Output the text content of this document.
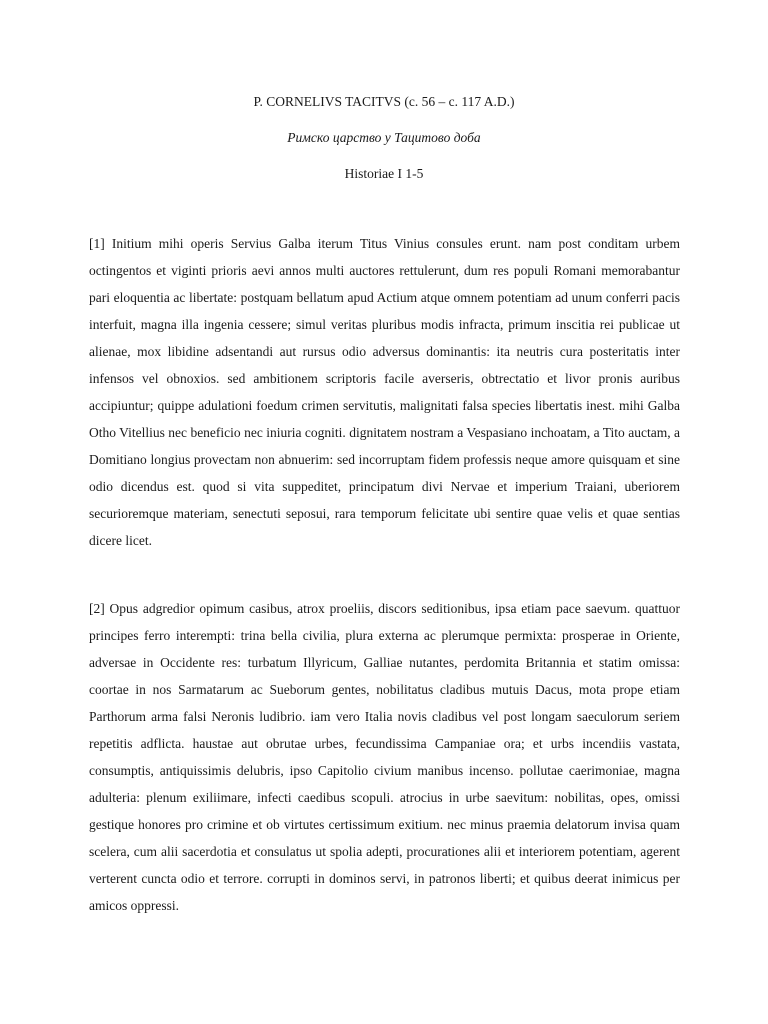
P. CORNELIVS TACITVS (c. 56 – c. 117 A.D.)

Римско царство у Тацитово доба

Historiae I 1-5

[1] Initium mihi operis Servius Galba iterum Titus Vinius consules erunt. nam post conditam urbem octingentos et viginti prioris aevi annos multi auctores rettulerunt, dum res populi Romani memorabantur pari eloquentia ac libertate: postquam bellatum apud Actium atque omnem potentiam ad unum conferri pacis interfuit, magna illa ingenia cessere; simul veritas pluribus modis infracta, primum inscitia rei publicae ut alienae, mox libidine adsentandi aut rursus odio adversus dominantis: ita neutris cura posteritatis inter infensos vel obnoxios. sed ambitionem scriptoris facile averseris, obtrectatio et livor pronis auribus accipiuntur; quippe adulationi foedum crimen servitutis, malignitati falsa species libertatis inest. mihi Galba Otho Vitellius nec beneficio nec iniuria cogniti. dignitatem nostram a Vespasiano inchoatam, a Tito auctam, a Domitiano longius provectam non abnuerim: sed incorruptam fidem professis neque amore quisquam et sine odio dicendus est. quod si vita suppeditet, principatum divi Nervae et imperium Traiani, uberiorem securioremque materiam, senectuti seposui, rara temporum felicitate ubi sentire quae velis et quae sentias dicere licet.

[2] Opus adgredior opimum casibus, atrox proeliis, discors seditionibus, ipsa etiam pace saevum. quattuor principes ferro interempti: trina bella civilia, plura externa ac plerumque permixta: prosperae in Oriente, adversae in Occidente res: turbatum Illyricum, Galliae nutantes, perdomita Britannia et statim omissa: coortae in nos Sarmatarum ac Sueborum gentes, nobilitatus cladibus mutuis Dacus, mota prope etiam Parthorum arma falsi Neronis ludibrio. iam vero Italia novis cladibus vel post longam saeculorum seriem repetitis adflicta. haustae aut obrutae urbes, fecundissima Campaniae ora; et urbs incendiis vastata, consumptis, antiquissimis delubris, ipso Capitolio civium manibus incenso. pollutae caerimoniae, magna adulteria: plenum exiliimare, infecti caedibus scopuli. atrocius in urbe saevitum: nobilitas, opes, omissi gestique honores pro crimine et ob virtutes certissimum exitium. nec minus praemia delatorum invisa quam scelera, cum alii sacerdotia et consulatus ut spolia adepti, procurationes alii et interiorem potentiam, agerent verterent cuncta odio et terrore. corrupti in dominos servi, in patronos liberti; et quibus deerat inimicus per amicos oppressi.
